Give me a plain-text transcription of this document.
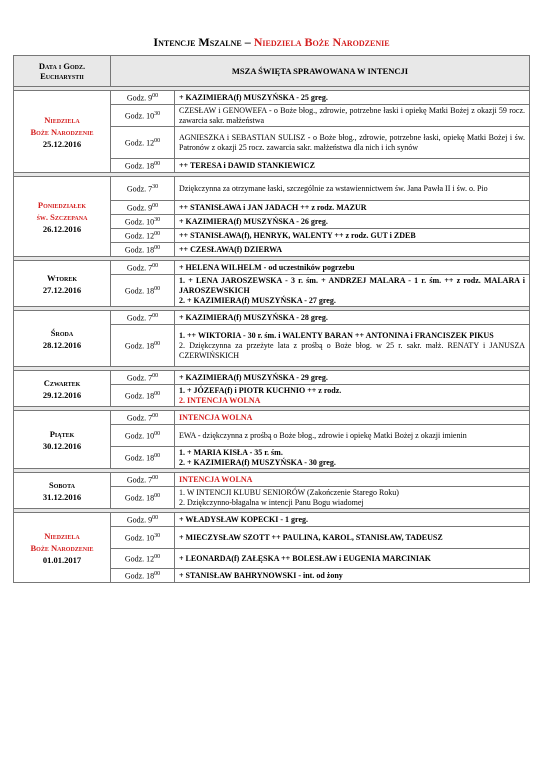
Intencje Mszalne – Niedziela Boże Narodzenie
Data i Godz. Eucharystii	MSZA ŚWIĘTA SPRAWOWANA W INTENCJI	

Niedziela
Boże Narodzenie
25.12.2016	Godz. $9^{00}$	+ KAZIMIERA(f) MUSZYŃSKA - 25 greg.

	Godz. $10^{30}$	CZESŁAW i GENOWEFA - o Boże błog., zdrowie, potrzebne łaski i opiekę Matki Bożej z okazji 59 rocz. zawarcia sakr. małżeństwa

	Godz. $12^{00}$	AGNIESZKA i SEBASTIAN SULISZ - o Boże błog., zdrowie, potrzebne łaski, opiekę Matki Bożej i św. Patronów z okazji 25 rocz. zawarcia sakr. małżeństwa dla nich i ich synów

	Godz. $18^{00}$	++ TERESA i DAWID STANKIEWICZ

Poniedziałek
św. Szczepana
26.12.2016	Godz. $7^{30}$	Dziękczynna za otrzymane łaski, szczególnie za wstawiennictwem św. Jana Pawła II i św. o. Pio

	Godz. $9^{00}$	++ STANISŁAWA i JAN JADACH ++ z rodz. MAZUR

	Godz. $10^{30}$	+ KAZIMIERA(f) MUSZYŃSKA - 26 greg.

	Godz. $12^{00}$	++ STANISŁAWA(f), HENRYK, WALENTY ++ z rodz. GUT i ZDEB

	Godz. $18^{00}$	++ CZESŁAWA(f) DZIERWA

Wtorek
27.12.2016	Godz. $7^{00}$	+ HELENA WILHELM - od uczestników pogrzebu

	Godz. $18^{00}$	1. + LENA JAROSZEWSKA - 3 r. śm. + ANDRZEJ MALARA - 1 r. śm. ++ z rodz. MALARA i JAROSZEWSKICH
2. + KAZIMIERA(f) MUSZYŃSKA - 27 greg.

Środa
28.12.2016	Godz. $7^{00}$	+ KAZIMIERA(f) MUSZYŃSKA - 28 greg.

	Godz. $18^{00}$	1. ++ WIKTORIA - 30 r. śm. i WALENTY BARAN ++ ANTONINA i FRANCISZEK PIKUS
2. Dziękczynna za przeżyte lata z prośbą o Boże błog. w 25 r. sakr. małż. RENATY i JANUSZA CZERWIŃSKICH

Czwartek
29.12.2016	Godz. $7^{00}$	+ KAZIMIERA(f) MUSZYŃSKA - 29 greg.

	Godz. $18^{00}$	1. + JÓZEFA(f) i PIOTR KUCHNIO ++ z rodz.
2. INTENCJA WOLNA

Piątek
30.12.2016	Godz. $7^{00}$	INTENCJA WOLNA

	Godz. $10^{00}$	EWA - dziękczynna z prośbą o Boże błog., zdrowie i opiekę Matki Bożej z okazji imienin

	Godz. $18^{00}$	1. + MARIA KISŁA - 35 r. śm.
2. + KAZIMIERA(f) MUSZYŃSKA - 30 greg.

Sobota
31.12.2016	Godz. $7^{00}$	INTENCJA WOLNA

	Godz. $18^{00}$	1. W INTENCJI KLUBU SENIORÓW (Zakończenie Starego Roku)
2. Dziękczynno-błagalna w intencji Panu Bogu wiadomej

Niedziela
Boże Narodzenie
01.01.2017	Godz. $9^{00}$	+ WŁADYSŁAW KOPECKI - 1 greg.

	Godz. $10^{30}$	+ MIECZYSŁAW SZOTT ++ PAULINA, KAROL, STANISŁAW, TADEUSZ

	Godz. $12^{00}$	+ LEONARDA(f) ZAŁĘSKA ++ BOLESŁAW i EUGENIA MARCINIAK

	Godz. $18^{00}$	+ STANISŁAW BAHRYNOWSKI - int. od żony
